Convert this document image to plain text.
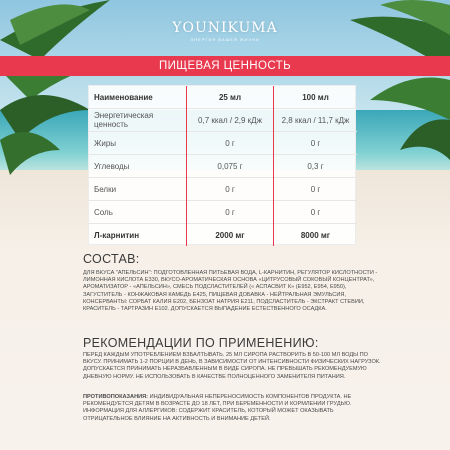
YOUNIKUMA
ЭНЕРГИЯ ВАШЕЙ ЖИЗНИ
ПИЩЕВАЯ ЦЕННОСТЬ
Наименование	25 мл	100 мл
Энергетическая ценность	0,7 ккал / 2,9 кДж	2,8 ккал / 11,7 кДж
Жиры	0 г	0 г
Углеводы	0,075 г	0,3 г
Белки	0 г	0 г
Соль	0 г	0 г
Л-карнитин	2000 мг	8000 мг
СОСТАВ:
ДЛЯ ВКУСА "АПЕЛЬСИН": ПОДГОТОВЛЕННАЯ ПИТЬЕВАЯ ВОДА, L-КАРНИТИН, РЕГУЛЯТОР КИСЛОТНОСТИ - ЛИМОННАЯ КИСЛОТА Е330, ВКУСО-АРОМАТИЧЕСКАЯ ОСНОВА «ЦИТРУСОВЫЙ СОКОВЫЙ КОНЦЕНТРАТ», АРОМАТИЗАТОР - «АПЕЛЬСИН», СМЕСЬ ПОДСЛАСТИТЕЛЕЙ (« АСПАСВИТ К» (Е952, Е954, Е950), ЗАГУСТИТЕЛЬ - КОНЖАКОВАЯ КАМЕДЬ Е425, ПИЩЕВАЯ ДОБАВКА - НЕЙТРАЛЬНАЯ ЭМУЛЬСИЯ, КОНСЕРВАНТЫ: СОРБАТ КАЛИЯ Е202, БЕНЗОАТ НАТРИЯ Е211, ПОДСЛАСТИТЕЛЬ - ЭКСТРАКТ СТЕВИИ, КРАСИТЕЛЬ - ТАРТРАЗИН Е102. ДОПУСКАЕТСЯ ВЫПАДЕНИЕ ЕСТЕСТВЕННОГО ОСАДКА.
РЕКОМЕНДАЦИИ ПО ПРИМЕНЕНИЮ:
ПЕРЕД КАЖДЫМ УПОТРЕБЛЕНИЕМ ВЗБАЛТЫВАТЬ. 25 МЛ СИРОПА РАСТВОРИТЬ В 50-100 МЛ ВОДЫ ПО ВКУСУ. ПРИНИМАТЬ 1-2 ПОРЦИИ В ДЕНЬ, В ЗАВИСИМОСТИ ОТ ИНТЕНСИВНОСТИ ФИЗИЧЕСКИХ НАГРУЗОК. ДОПУСКАЕТСЯ ПРИНИМАТЬ НЕРАЗБАВЛЕННЫМ В ВИДЕ СИРОПА. НЕ ПРЕВЫШАТЬ РЕКОМЕНДУЕМУЮ ДНЕВНУЮ НОРМУ. НЕ ИСПОЛЬЗОВАТЬ В КАЧЕСТВЕ ПОЛНОЦЕННОГО ЗАМЕНИТЕЛЯ ПИТАНИЯ.
ПРОТИВОПОКАЗАНИЯ: ИНДИВИДУАЛЬНАЯ НЕПЕРЕНОСИМОСТЬ КОМПОНЕНТОВ ПРОДУКТА. НЕ РЕКОМЕНДУЕТСЯ ДЕТЯМ В ВОЗРАСТЕ ДО 18 ЛЕТ, ПРИ БЕРЕМЕННОСТИ И КОРМЛЕНИИ ГРУДЬЮ. ИНФОРМАЦИЯ ДЛЯ АЛЛЕРГИКОВ: СОДЕРЖИТ КРАСИТЕЛЬ, КОТОРЫЙ МОЖЕТ ОКАЗЫВАТЬ ОТРИЦАТЕЛЬНОЕ ВЛИЯНИЕ НА АКТИВНОСТЬ И ВНИМАНИЕ ДЕТЕЙ.
